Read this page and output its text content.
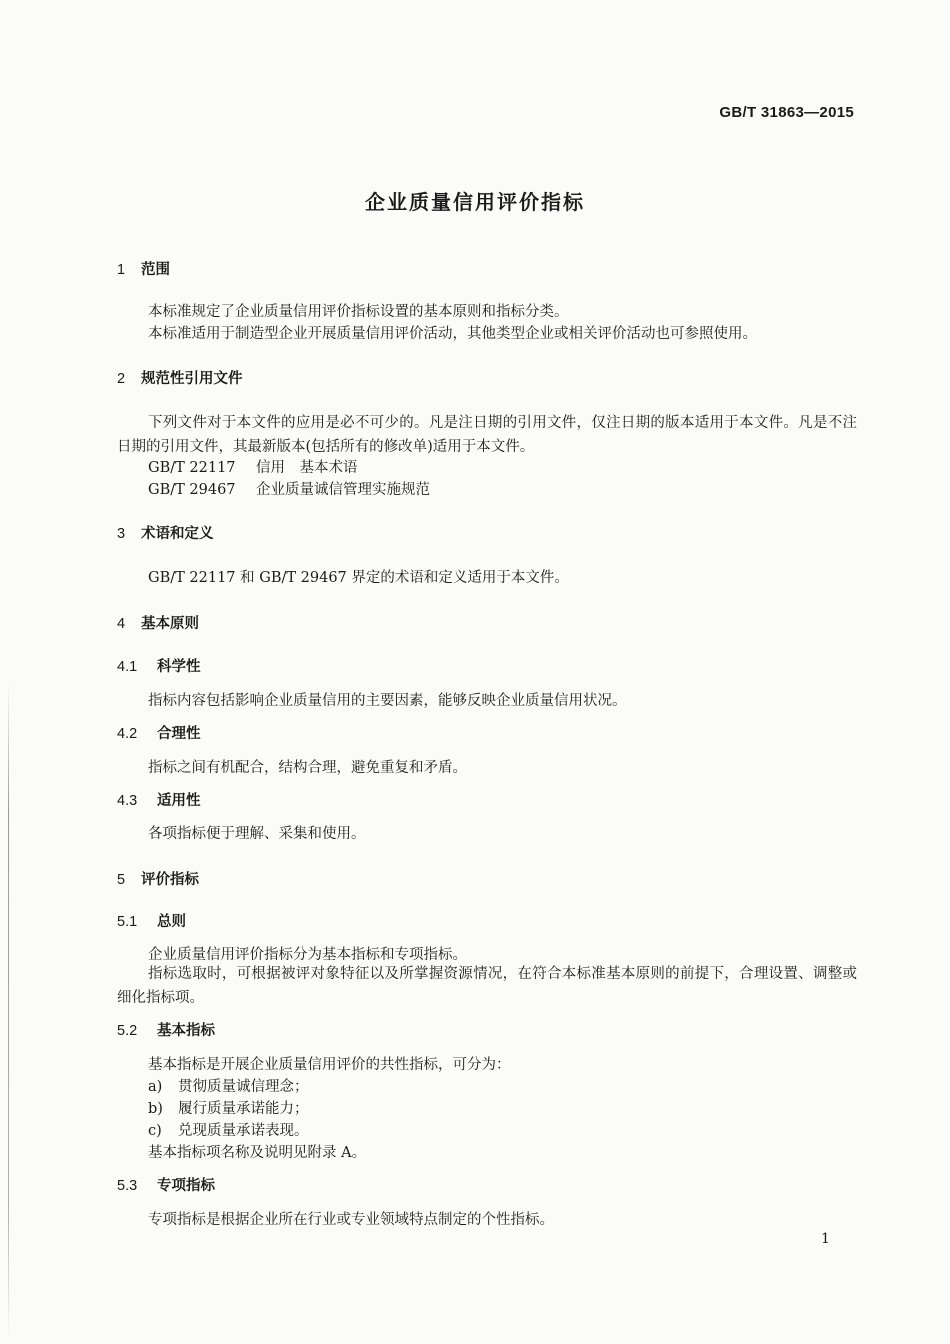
GB/T 31863—2015
企业质量信用评价指标
1 范围
本标准规定了企业质量信用评价指标设置的基本原则和指标分类。
本标准适用于制造型企业开展质量信用评价活动，其他类型企业或相关评价活动也可参照使用。
2 规范性引用文件
下列文件对于本文件的应用是必不可少的。凡是注日期的引用文件，仅注日期的版本适用于本文件。凡是不注日期的引用文件，其最新版本(包括所有的修改单)适用于本文件。
GB/T 22117 信用　基本术语
GB/T 29467 企业质量诚信管理实施规范
3 术语和定义
GB/T 22117 和 GB/T 29467 界定的术语和定义适用于本文件。
4 基本原则
4.1 科学性
指标内容包括影响企业质量信用的主要因素，能够反映企业质量信用状况。
4.2 合理性
指标之间有机配合，结构合理，避免重复和矛盾。
4.3 适用性
各项指标便于理解、采集和使用。
5 评价指标
5.1 总则
企业质量信用评价指标分为基本指标和专项指标。
指标选取时，可根据被评对象特征以及所掌握资源情况，在符合本标准基本原则的前提下，合理设置、调整或细化指标项。
5.2 基本指标
基本指标是开展企业质量信用评价的共性指标，可分为：
a) 贯彻质量诚信理念；
b) 履行质量承诺能力；
c) 兑现质量承诺表现。
基本指标项名称及说明见附录 A。
5.3 专项指标
专项指标是根据企业所在行业或专业领域特点制定的个性指标。
1
